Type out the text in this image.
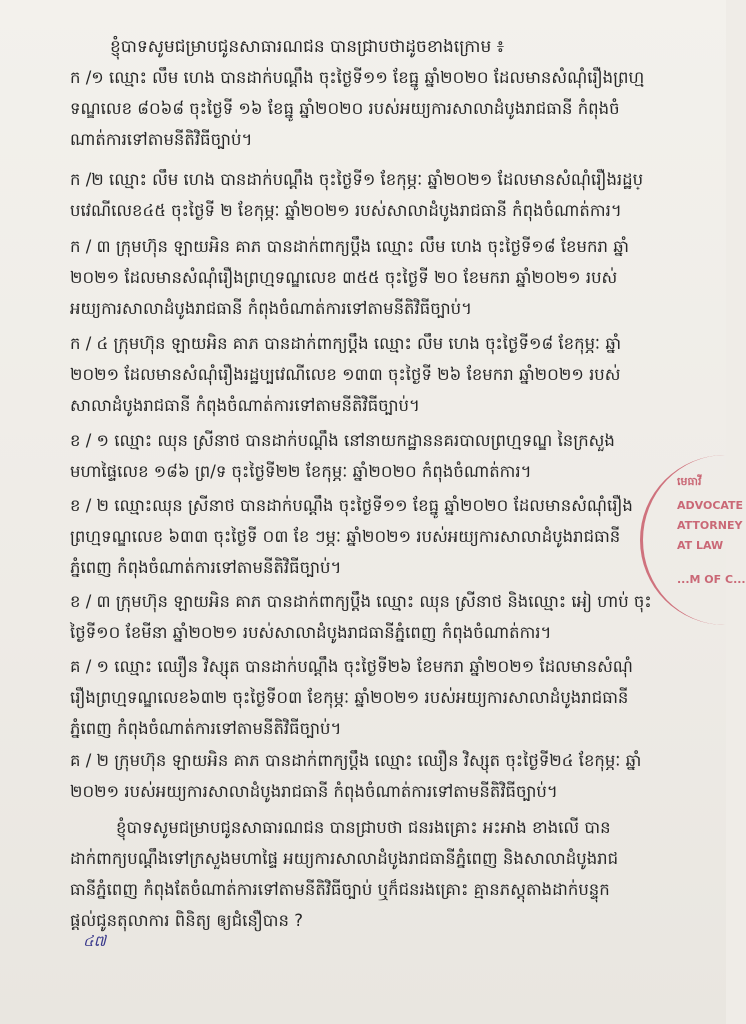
ខ្ញុំបាទសូមជម្រាបជូនសាធារណជន បានជ្រាបថាដូចខាងក្រោម ៖
ក /១ ឈ្មោះ លឹម ហេង បានដាក់បណ្តឹង ចុះថ្ងៃទី១១ ខែធ្នូ ឆ្នាំ២០២០ ដែលមានសំណុំរឿងព្រហ្ម
ទណ្ឌលេខ ៨០៦៨ ចុះថ្ងៃទី ១៦ ខែធ្នូ ឆ្នាំ២០២០ របស់អយ្យការសាលាដំបូងរាជធានី កំពុងចំ
ណាត់ការទៅតាមនីតិវិធីច្បាប់។
ក /២ ឈ្មោះ លឹម ហេង បានដាក់បណ្តឹង ចុះថ្ងៃទី១ ខែកុម្ភៈ ឆ្នាំ២០២១ ដែលមានសំណុំរឿងរដ្ឋប្
បវេណីលេខ៤៥ ចុះថ្ងៃទី ២ ខែកុម្ភៈ ឆ្នាំ២០២១ របស់សាលាដំបូងរាជធានី កំពុងចំណាត់ការ។
ក / ៣ ក្រុមហ៊ុន ឡាយអិន គាភ បានដាក់ពាក្យប្តឹង ឈ្មោះ លឹម ហេង ចុះថ្ងៃទី១៨ ខែមករា ឆ្នាំ
២០២១ ដែលមានសំណុំរឿងព្រហ្មទណ្ឌលេខ ៣៥៥ ចុះថ្ងៃទី ២០ ខែមករា ឆ្នាំ២០២១ របស់
អយ្យការសាលាដំបូងរាជធានី កំពុងចំណាត់ការទៅតាមនីតិវិធីច្បាប់។
ក / ៤ ក្រុមហ៊ុន ឡាយអិន គាភ បានដាក់ពាក្យប្តឹង ឈ្មោះ លឹម ហេង ចុះថ្ងៃទី១៨ ខែកុម្ភៈ ឆ្នាំ
២០២១ ដែលមានសំណុំរឿងរដ្ឋប្បវេណីលេខ ១៣៣ ចុះថ្ងៃទី ២៦ ខែមករា ឆ្នាំ២០២១ របស់
សាលាដំបូងរាជធានី កំពុងចំណាត់ការទៅតាមនីតិវិធីច្បាប់។
ខ / ១ ឈ្មោះ ឈុន ស្រីនាថ បានដាក់បណ្តឹង នៅនាយកដ្ឋាននគរបាលព្រហ្មទណ្ឌ នៃក្រសួង
មហាផ្ទៃលេខ ១៨៦ ព្រ/ទ ចុះថ្ងៃទី២២ ខែកុម្ភៈ ឆ្នាំ២០២០ កំពុងចំណាត់ការ។
ខ / ២ ឈ្មោះឈុន ស្រីនាថ បានដាក់បណ្តឹង ចុះថ្ងៃទី១១ ខែធ្នូ ឆ្នាំ២០២០ ដែលមានសំណុំរឿង
ព្រហ្មទណ្ឌលេខ ៦៣៣ ចុះថ្ងៃទី ០៣ ខែ ៗម្ភៈ ឆ្នាំ២០២១ របស់អយ្យការសាលាដំបូងរាជធានី
ភ្នំពេញ កំពុងចំណាត់ការទៅតាមនីតិវិធីច្បាប់។
ខ / ៣ ក្រុមហ៊ុន ឡាយអិន គាភ បានដាក់ពាក្យប្តឹង ឈ្មោះ ឈុន ស្រីនាថ និងឈ្មោះ អៀ ហាប់ ចុះ
ថ្ងៃទី១០ ខែមីនា ឆ្នាំ២០២១ របស់សាលាដំបូងរាជធានីភ្នំពេញ កំពុងចំណាត់ការ។
គ / ១ ឈ្មោះ ឈឿន វិស្សុត បានដាក់បណ្តឹង ចុះថ្ងៃទី២៦ ខែមករា ឆ្នាំ២០២១ ដែលមានសំណុំ
រឿងព្រហ្មទណ្ឌលេខ៦៣២ ចុះថ្ងៃទី០៣ ខែកុម្ភៈ ឆ្នាំ២០២១ របស់អយ្យការសាលាដំបូងរាជធានី
ភ្នំពេញ កំពុងចំណាត់ការទៅតាមនីតិវិធីច្បាប់។
គ / ២ ក្រុមហ៊ុន ឡាយអិន គាភ បានដាក់ពាក្យប្តឹង ឈ្មោះ ឈឿន វិស្សុត ចុះថ្ងៃទី២៤ ខែកុម្ភៈ ឆ្នាំ
២០២១ របស់អយ្យការសាលាដំបូងរាជធានី កំពុងចំណាត់ការទៅតាមនីតិវិធីច្បាប់។
ខ្ញុំបាទសូមជម្រាបជូនសាធារណជន បានជ្រាបថា ជនរងគ្រោះ អះអាង ខាងលើ បាន
ដាក់ពាក្យបណ្តឹងទៅក្រសួងមហាផ្ទៃ អយ្យការសាលាដំបូងរាជធានីភ្នំពេញ និងសាលាដំបូងរាជ
ធានីភ្នំពេញ កំពុងតែចំណាត់ការទៅតាមនីតិវិធីច្បាប់ ឬក៏ជនរងគ្រោះ គ្មានភស្តុតាងដាក់បន្ទុក
ផ្តល់ជូនតុលាការ ពិនិត្យ ឲ្យជំនឿបាន ?
៤៧
មេធាវី
ADVOCATE
ATTORNEY
AT LAW
...M OF C...
